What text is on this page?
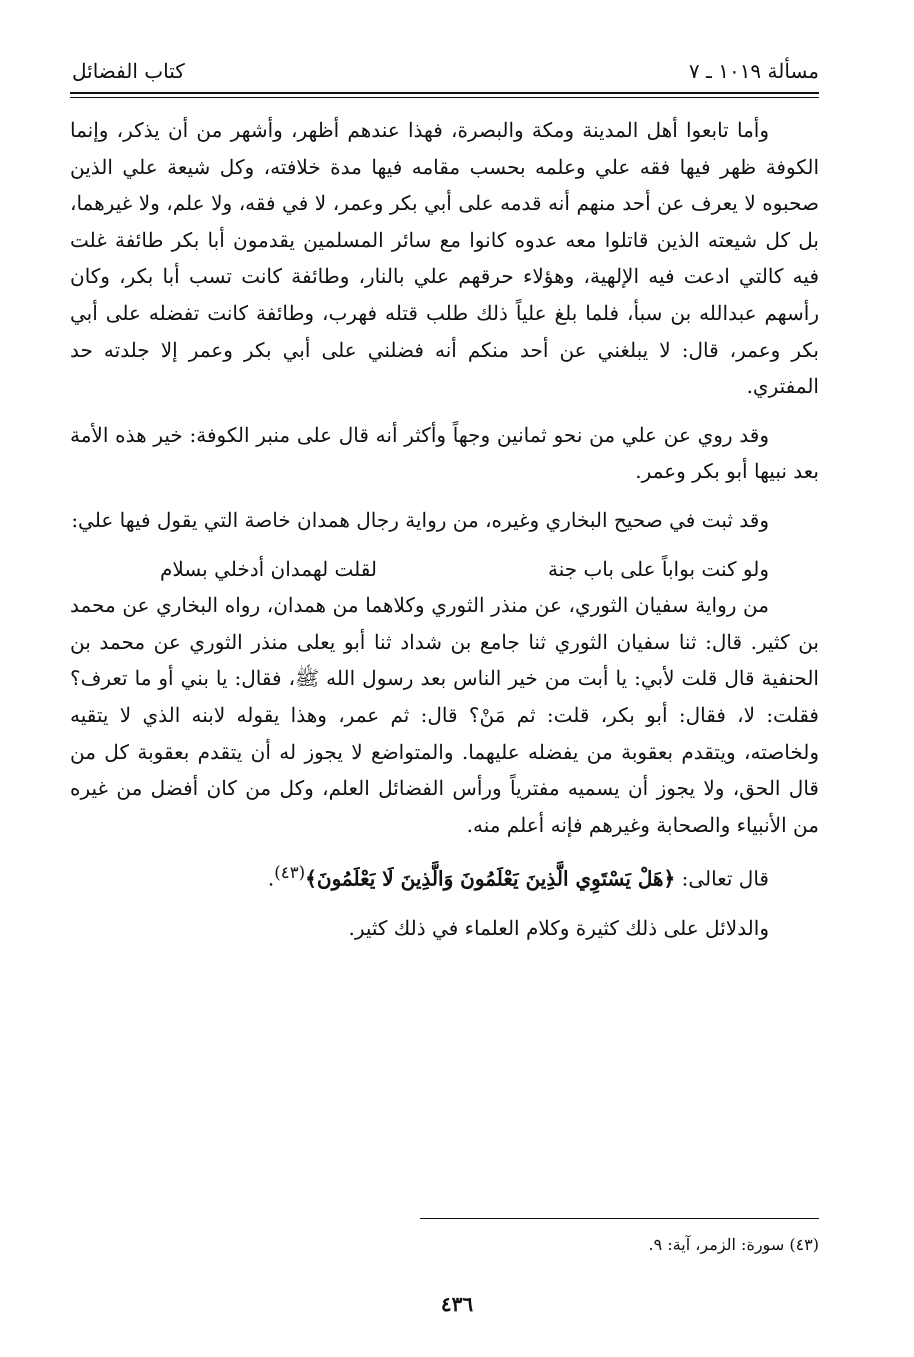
مسألة ١٠١٩ ـ ٧
كتاب الفضائل

وأما تابعوا أهل المدينة ومكة والبصرة، فهذا عندهم أظهر، وأشهر من أن يذكر، وإنما الكوفة ظهر فيها فقه علي وعلمه بحسب مقامه فيها مدة خلافته، وكل شيعة علي الذين صحبوه لا يعرف عن أحد منهم أنه قدمه على أبي بكر وعمر، لا في فقه، ولا علم، ولا غيرهما، بل كل شيعته الذين قاتلوا معه عدوه كانوا مع سائر المسلمين يقدمون أبا بكر طائفة غلت فيه كالتي ادعت فيه الإلهية، وهؤلاء حرقهم علي بالنار، وطائفة كانت تسب أبا بكر، وكان رأسهم عبدالله بن سبأ، فلما بلغ علياً ذلك طلب قتله فهرب، وطائفة كانت تفضله على أبي بكر وعمر، قال: لا يبلغني عن أحد منكم أنه فضلني على أبي بكر وعمر إلا جلدته حد المفتري.

وقد روي عن علي من نحو ثمانين وجهاً وأكثر أنه قال على منبر الكوفة: خير هذه الأمة بعد نبيها أبو بكر وعمر.

وقد ثبت في صحيح البخاري وغيره، من رواية رجال همدان خاصة التي يقول فيها علي:

ولو كنت بواباً على باب جنة
لقلت لهمدان أدخلي بسلام

من رواية سفيان الثوري، عن منذر الثوري وكلاهما من همدان، رواه البخاري عن محمد بن كثير. قال: ثنا سفيان الثوري ثنا جامع بن شداد ثنا أبو يعلى منذر الثوري عن محمد بن الحنفية قال قلت لأبي: يا أبت من خير الناس بعد رسول الله ﷺ، فقال: يا بني أو ما تعرف؟ فقلت: لا، فقال: أبو بكر، قلت: ثم مَنْ؟ قال: ثم عمر، وهذا يقوله لابنه الذي لا يتقيه ولخاصته، ويتقدم بعقوبة من يفضله عليهما. والمتواضع لا يجوز له أن يتقدم بعقوبة كل من قال الحق، ولا يجوز أن يسميه مفترياً ورأس الفضائل العلم، وكل من كان أفضل من غيره من الأنبياء والصحابة وغيرهم فإنه أعلم منه.

قال تعالى: ﴿هَلْ يَسْتَوِي الَّذِينَ يَعْلَمُونَ وَالَّذِينَ لَا يَعْلَمُونَ﴾$^{(٤٣)}$.

والدلائل على ذلك كثيرة وكلام العلماء في ذلك كثير.

(٤٣) سورة: الزمر، آية: ٩.
٤٣٦
